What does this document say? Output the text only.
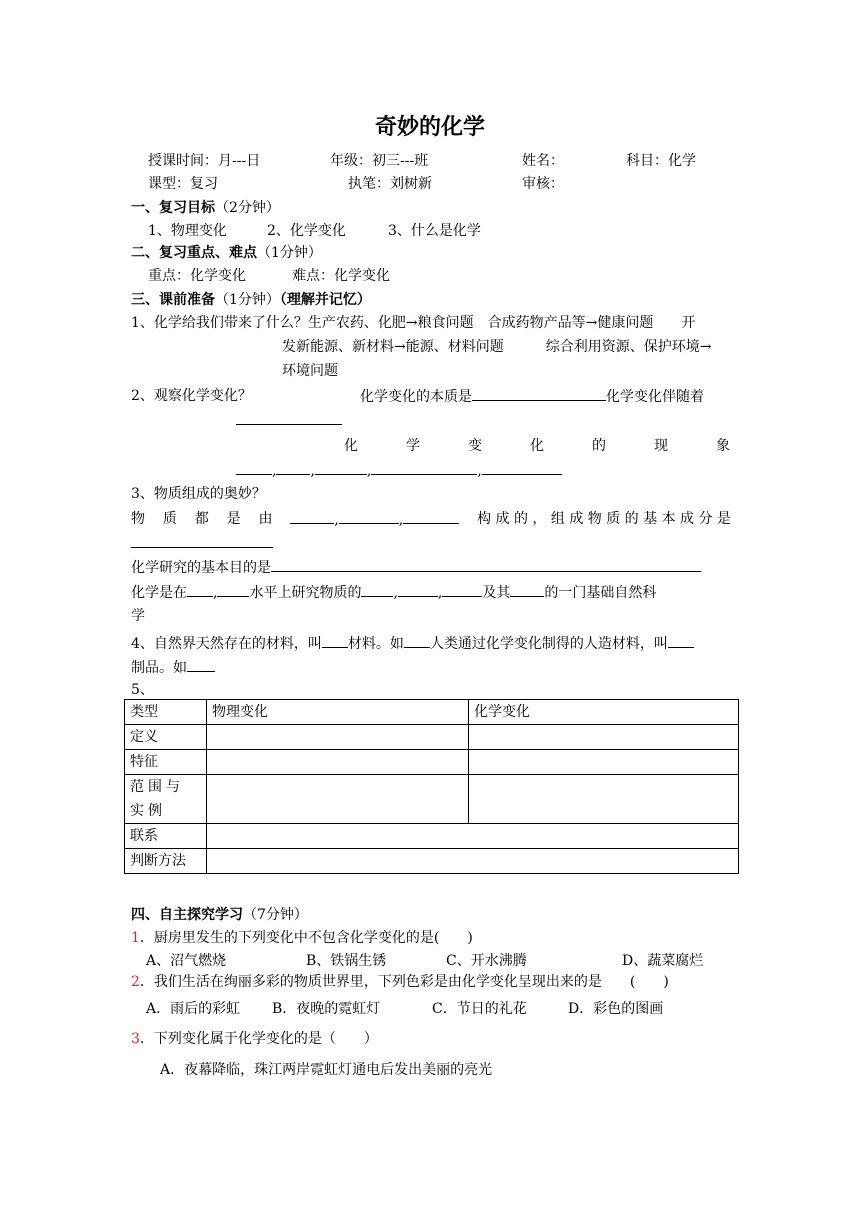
奇妙的化学
授课时间：月---日	年级：初三---班	姓名：	科目：化学
课型：复习	执笔：刘树新	审核：
一、复习目标（2分钟）
1、物理变化	2、化学变化	3、什么是化学
二、复习重点、难点（1分钟）
重点：化学变化	难点：化学变化
三、课前准备（1分钟）（理解并记忆）
1、化学给我们带来了什么？生产农药、化肥→粮食问题　合成药物产品等→健康问题　　开
发新能源、新材料→能源、材料问题　　　综合利用资源、保护环境→
环境问题
2、观察化学变化？	化学变化的本质是	化学变化伴随着
化	学	变	化	的	现	象
, ,	,	,
3、物质组成的奥妙？
物 质 都 是 由	,	,	构 成 的 ， 组 成 物 质 的 基 本 成 分 是
化学研究的基本目的是
化学是在 , 水平上研究物质的 ,	,	及其 的一门基础自然科
学
4、自然界天然存在的材料，叫 材料。如 人类通过化学变化制得的人造材料，叫
制品。如
5、
类型	物理变化	化学变化
定义		
特征		
范围与实例		
联系		
判断方法		
四、自主探究学习（7分钟）
1．厨房里发生的下列变化中不包含化学变化的是(　　)
A、沼气燃烧	B、铁锅生锈	C、开水沸腾	D、蔬菜腐烂
2．我们生活在绚丽多彩的物质世界里，下列色彩是由化学变化呈现出来的是　　(　　)
A．雨后的彩虹 B．夜晚的霓虹灯	C．节日的礼花	D．彩色的图画
3．下列变化属于化学变化的是（　　）
A．夜幕降临，珠江两岸霓虹灯通电后发出美丽的亮光
